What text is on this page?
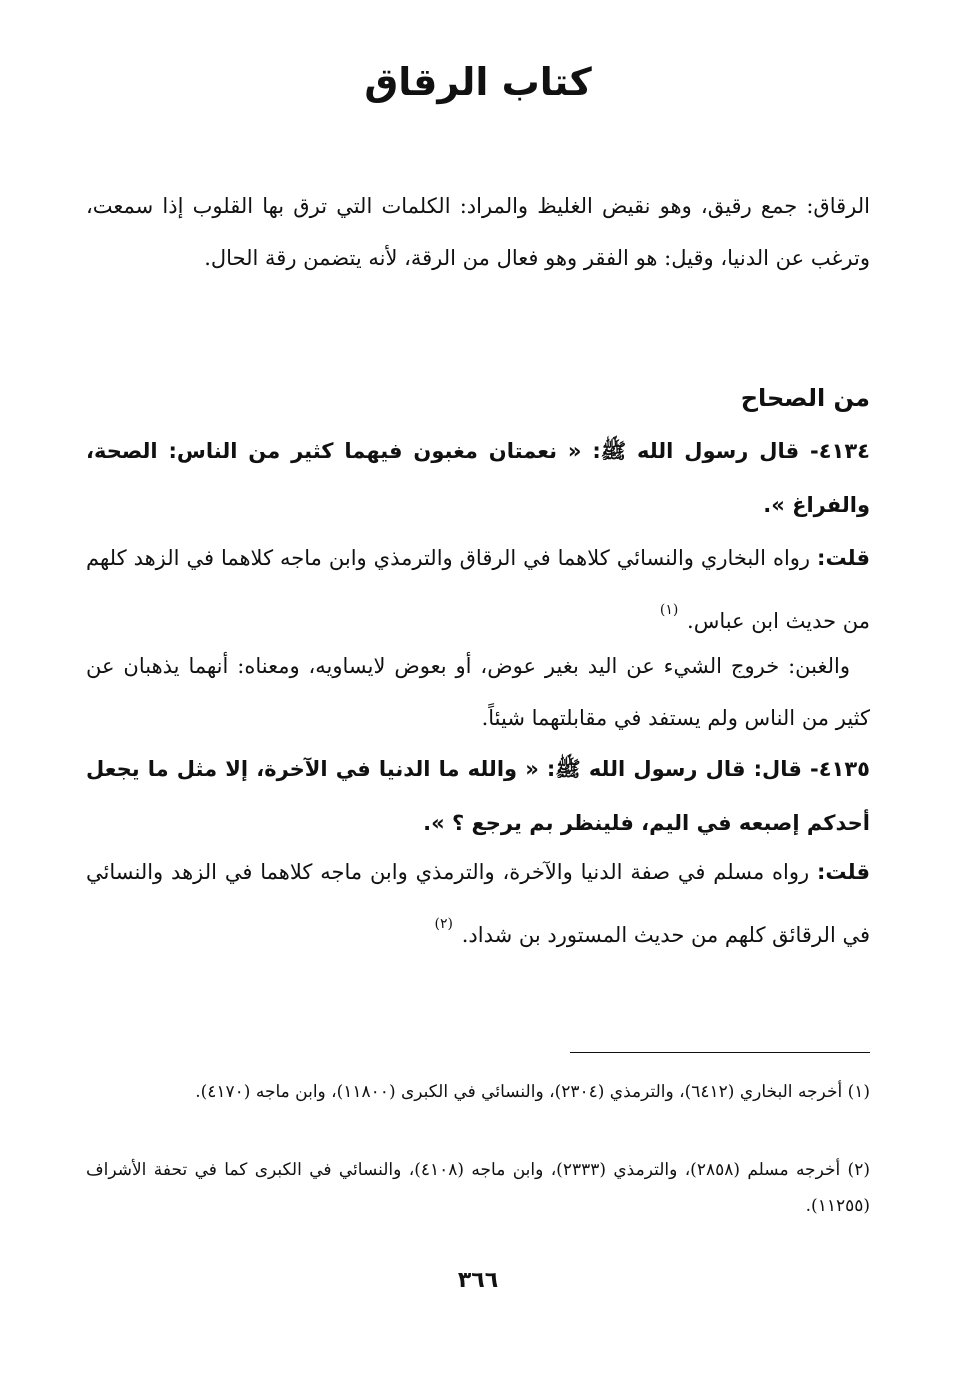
كتاب الرقاق
الرقاق: جمع رقيق، وهو نقيض الغليظ والمراد: الكلمات التي ترق بها القلوب إذا سمعت، وترغب عن الدنيا، وقيل: هو الفقر وهو فعال من الرقة، لأنه يتضمن رقة الحال.
من الصحاح
٤١٣٤- قال رسول الله ﷺ: « نعمتان مغبون فيهما كثير من الناس: الصحة، والفراغ ».
قلت: رواه البخاري والنسائي كلاهما في الرقاق والترمذي وابن ماجه كلاهما في الزهد كلهم من حديث ابن عباس. $^{(١)}$
والغبن: خروج الشيء عن اليد بغير عوض، أو بعوض لايساويه، ومعناه: أنهما يذهبان عن كثير من الناس ولم يستفد في مقابلتهما شيئاً.
٤١٣٥- قال: قال رسول الله ﷺ: « والله ما الدنيا في الآخرة، إلا مثل ما يجعل أحدكم إصبعه في اليم، فلينظر بم يرجع ؟ ».
قلت: رواه مسلم في صفة الدنيا والآخرة، والترمذي وابن ماجه كلاهما في الزهد والنسائي في الرقائق كلهم من حديث المستورد بن شداد. $^{(٢)}$
(١) أخرجه البخاري (٦٤١٢)، والترمذي (٢٣٠٤)، والنسائي في الكبرى (١١٨٠٠)، وابن ماجه (٤١٧٠).
(٢) أخرجه مسلم (٢٨٥٨)، والترمذي (٢٣٣٣)، وابن ماجه (٤١٠٨)، والنسائي في الكبرى كما في تحفة الأشراف (١١٢٥٥).
٣٦٦
